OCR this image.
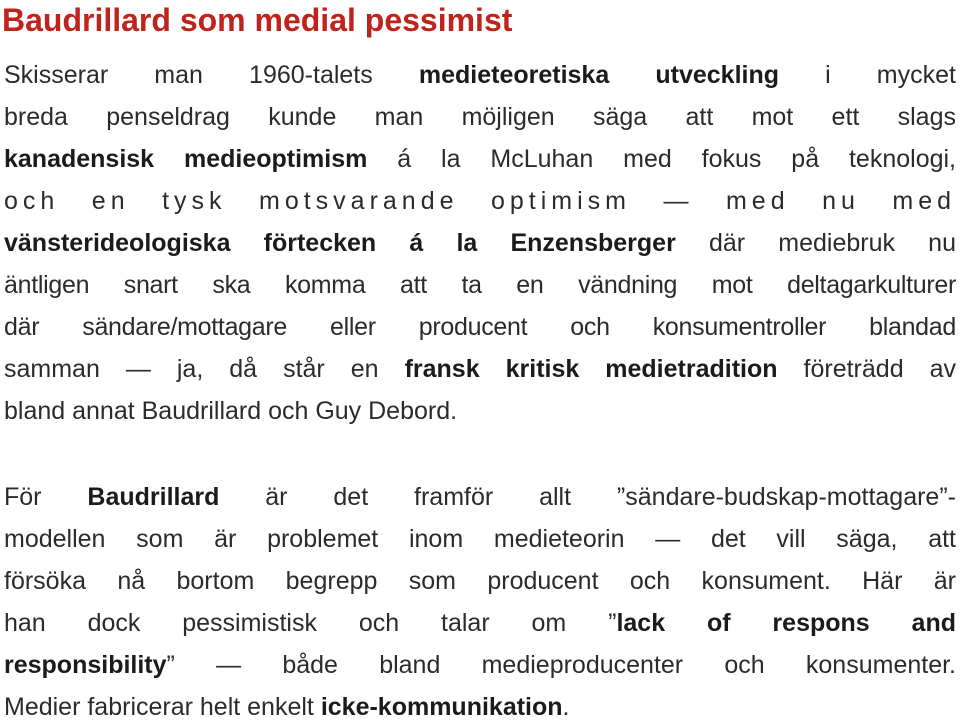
Baudrillard som medial pessimist
Skisserar man 1960-talets medieteoretiska utveckling i mycket
breda penseldrag kunde man möjligen säga att mot ett slags
kanadensisk medieoptimism á la McLuhan med fokus på teknologi,
och en tysk motsvarande optimism — med nu med
vänsterideologiska förtecken á la Enzensberger där mediebruk nu
äntligen snart ska komma att ta en vändning mot deltagarkulturer
där sändare/mottagare eller producent och konsumentroller blandad
samman — ja, då står en fransk kritisk medietradition företrädd av
bland annat Baudrillard och Guy Debord.
För Baudrillard är det framför allt ”sändare-budskap-mottagare”-
modellen som är problemet inom medieteorin — det vill säga, att
försöka nå bortom begrepp som producent och konsument. Här är
han dock pessimistisk och talar om ”lack of respons and
responsibility” — både bland medieproducenter och konsumenter.
Medier fabricerar helt enkelt icke-kommunikation.
